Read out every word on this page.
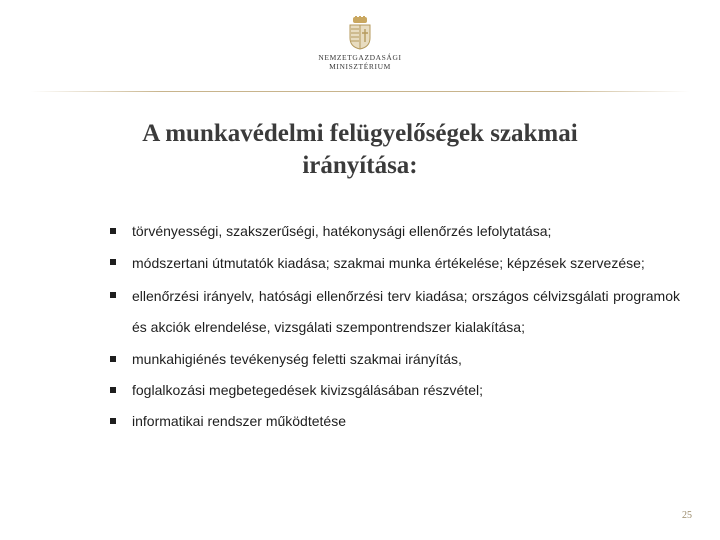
NEMZETGAZDASÁGI
MINISZTÉRIUM
A munkavédelmi felügyelőségek szakmai
irányítása:
törvényességi, szakszerűségi, hatékonysági ellenőrzés lefolytatása;
módszertani útmutatók kiadása; szakmai munka értékelése; képzések szervezése;
ellenőrzési irányelv, hatósági ellenőrzési terv kiadása; országos célvizsgálati programok és akciók elrendelése, vizsgálati szempontrendszer kialakítása;
munkahigiénés tevékenység feletti szakmai irányítás,
foglalkozási megbetegedések kivizsgálásában részvétel;
informatikai rendszer működtetése
25
